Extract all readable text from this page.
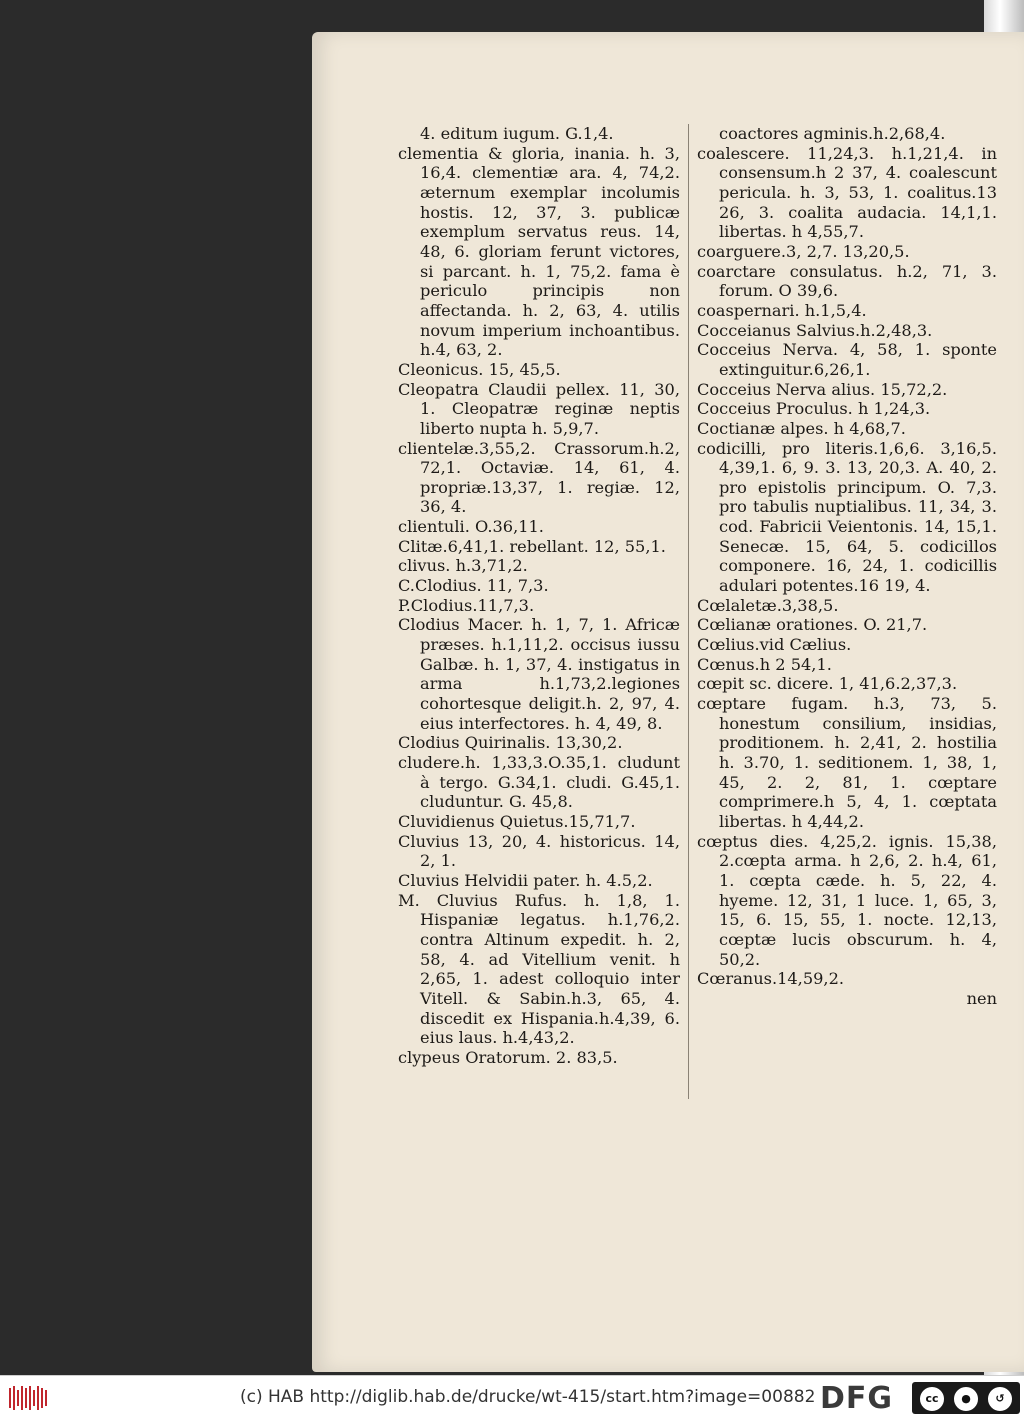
4. editum iugum. G.1,4.

clementia & gloria, inania. h. 3, 16,4. clementiæ ara. 4, 74,2. æternum exemplar incolumis hostis. 12, 37, 3. publicæ exemplum servatus reus. 14, 48, 6. gloriam ferunt victores, si parcant. h. 1, 75,2. fama è periculo principis non affectanda. h. 2, 63, 4. utilis novum imperium inchoantibus. h.4, 63, 2.

Cleonicus. 15, 45,5.

Cleopatra Claudii pellex. 11, 30, 1. Cleopatræ reginæ neptis liberto nupta h. 5,9,7.

clientelæ.3,55,2. Crassorum.h.2, 72,1. Octaviæ. 14, 61, 4. propriæ.13,37, 1. regiæ. 12, 36, 4.

clientuli. O.36,11.

Clitæ.6,41,1. rebellant. 12, 55,1.

clivus. h.3,71,2.

C.Clodius. 11, 7,3.

P.Clodius.11,7,3.

Clodius Macer. h. 1, 7, 1. Africæ præses. h.1,11,2. occisus iussu Galbæ. h. 1, 37, 4. instigatus in arma h.1,73,2.legiones cohortesque deligit.h. 2, 97, 4. eius interfectores. h. 4, 49, 8.

Clodius Quirinalis. 13,30,2.

cludere.h. 1,33,3.O.35,1. cludunt à tergo. G.34,1. cludi. G.45,1. cluduntur. G. 45,8.

Cluvidienus Quietus.15,71,7.

Cluvius 13, 20, 4. historicus. 14, 2, 1.

Cluvius Helvidii pater. h. 4.5,2.

M. Cluvius Rufus. h. 1,8, 1. Hispaniæ legatus. h.1,76,2. contra Altinum expedit. h. 2, 58, 4. ad Vitellium venit. h 2,65, 1. adest colloquio inter Vitell. & Sabin.h.3, 65, 4. discedit ex Hispania.h.4,39, 6. eius laus. h.4,43,2.

clypeus Oratorum. 2. 83,5.

coactores agminis.h.2,68,4.

coalescere. 11,24,3. h.1,21,4. in consensum.h 2 37, 4. coalescunt pericula. h. 3, 53, 1. coalitus.13 26, 3. coalita audacia. 14,1,1. libertas. h 4,55,7.

coarguere.3, 2,7. 13,20,5.

coarctare consulatus. h.2, 71, 3. forum. O 39,6.

coaspernari. h.1,5,4.

Cocceianus Salvius.h.2,48,3.

Cocceius Nerva. 4, 58, 1. sponte extinguitur.6,26,1.

Cocceius Nerva alius. 15,72,2.

Cocceius Proculus. h 1,24,3.

Coctianæ alpes. h 4,68,7.

codicilli, pro literis.1,6,6. 3,16,5. 4,39,1. 6, 9. 3. 13, 20,3. A. 40, 2. pro epistolis principum. O. 7,3. pro tabulis nuptialibus. 11, 34, 3. cod. Fabricii Veientonis. 14, 15,1. Senecæ. 15, 64, 5. codicillos componere. 16, 24, 1. codicillis adulari potentes.16 19, 4.

Cœlaletæ.3,38,5.

Cœlianæ orationes. O. 21,7.

Cœlius.vid Cælius.

Cœnus.h 2 54,1.

cœpit sc. dicere. 1, 41,6.2,37,3.

cœptare fugam. h.3, 73, 5. honestum consilium, insidias, proditionem. h. 2,41, 2. hostilia h. 3.70, 1. seditionem. 1, 38, 1, 45, 2. 2, 81, 1. cœptare comprimere.h 5, 4, 1. cœptata libertas. h 4,44,2.

cœptus dies. 4,25,2. ignis. 15,38, 2.cœpta arma. h 2,6, 2. h.4, 61, 1. cœpta cæde. h. 5, 22, 4. hyeme. 12, 31, 1 luce. 1, 65, 3, 15, 6. 15, 55, 1. nocte. 12,13, cœptæ lucis obscurum. h. 4, 50,2.

Cœranus.14,59,2.

nen

(c) HAB http://diglib.hab.de/drucke/wt-415/start.htm?image=00882 DFG	cc	●	↺
BY	SA
